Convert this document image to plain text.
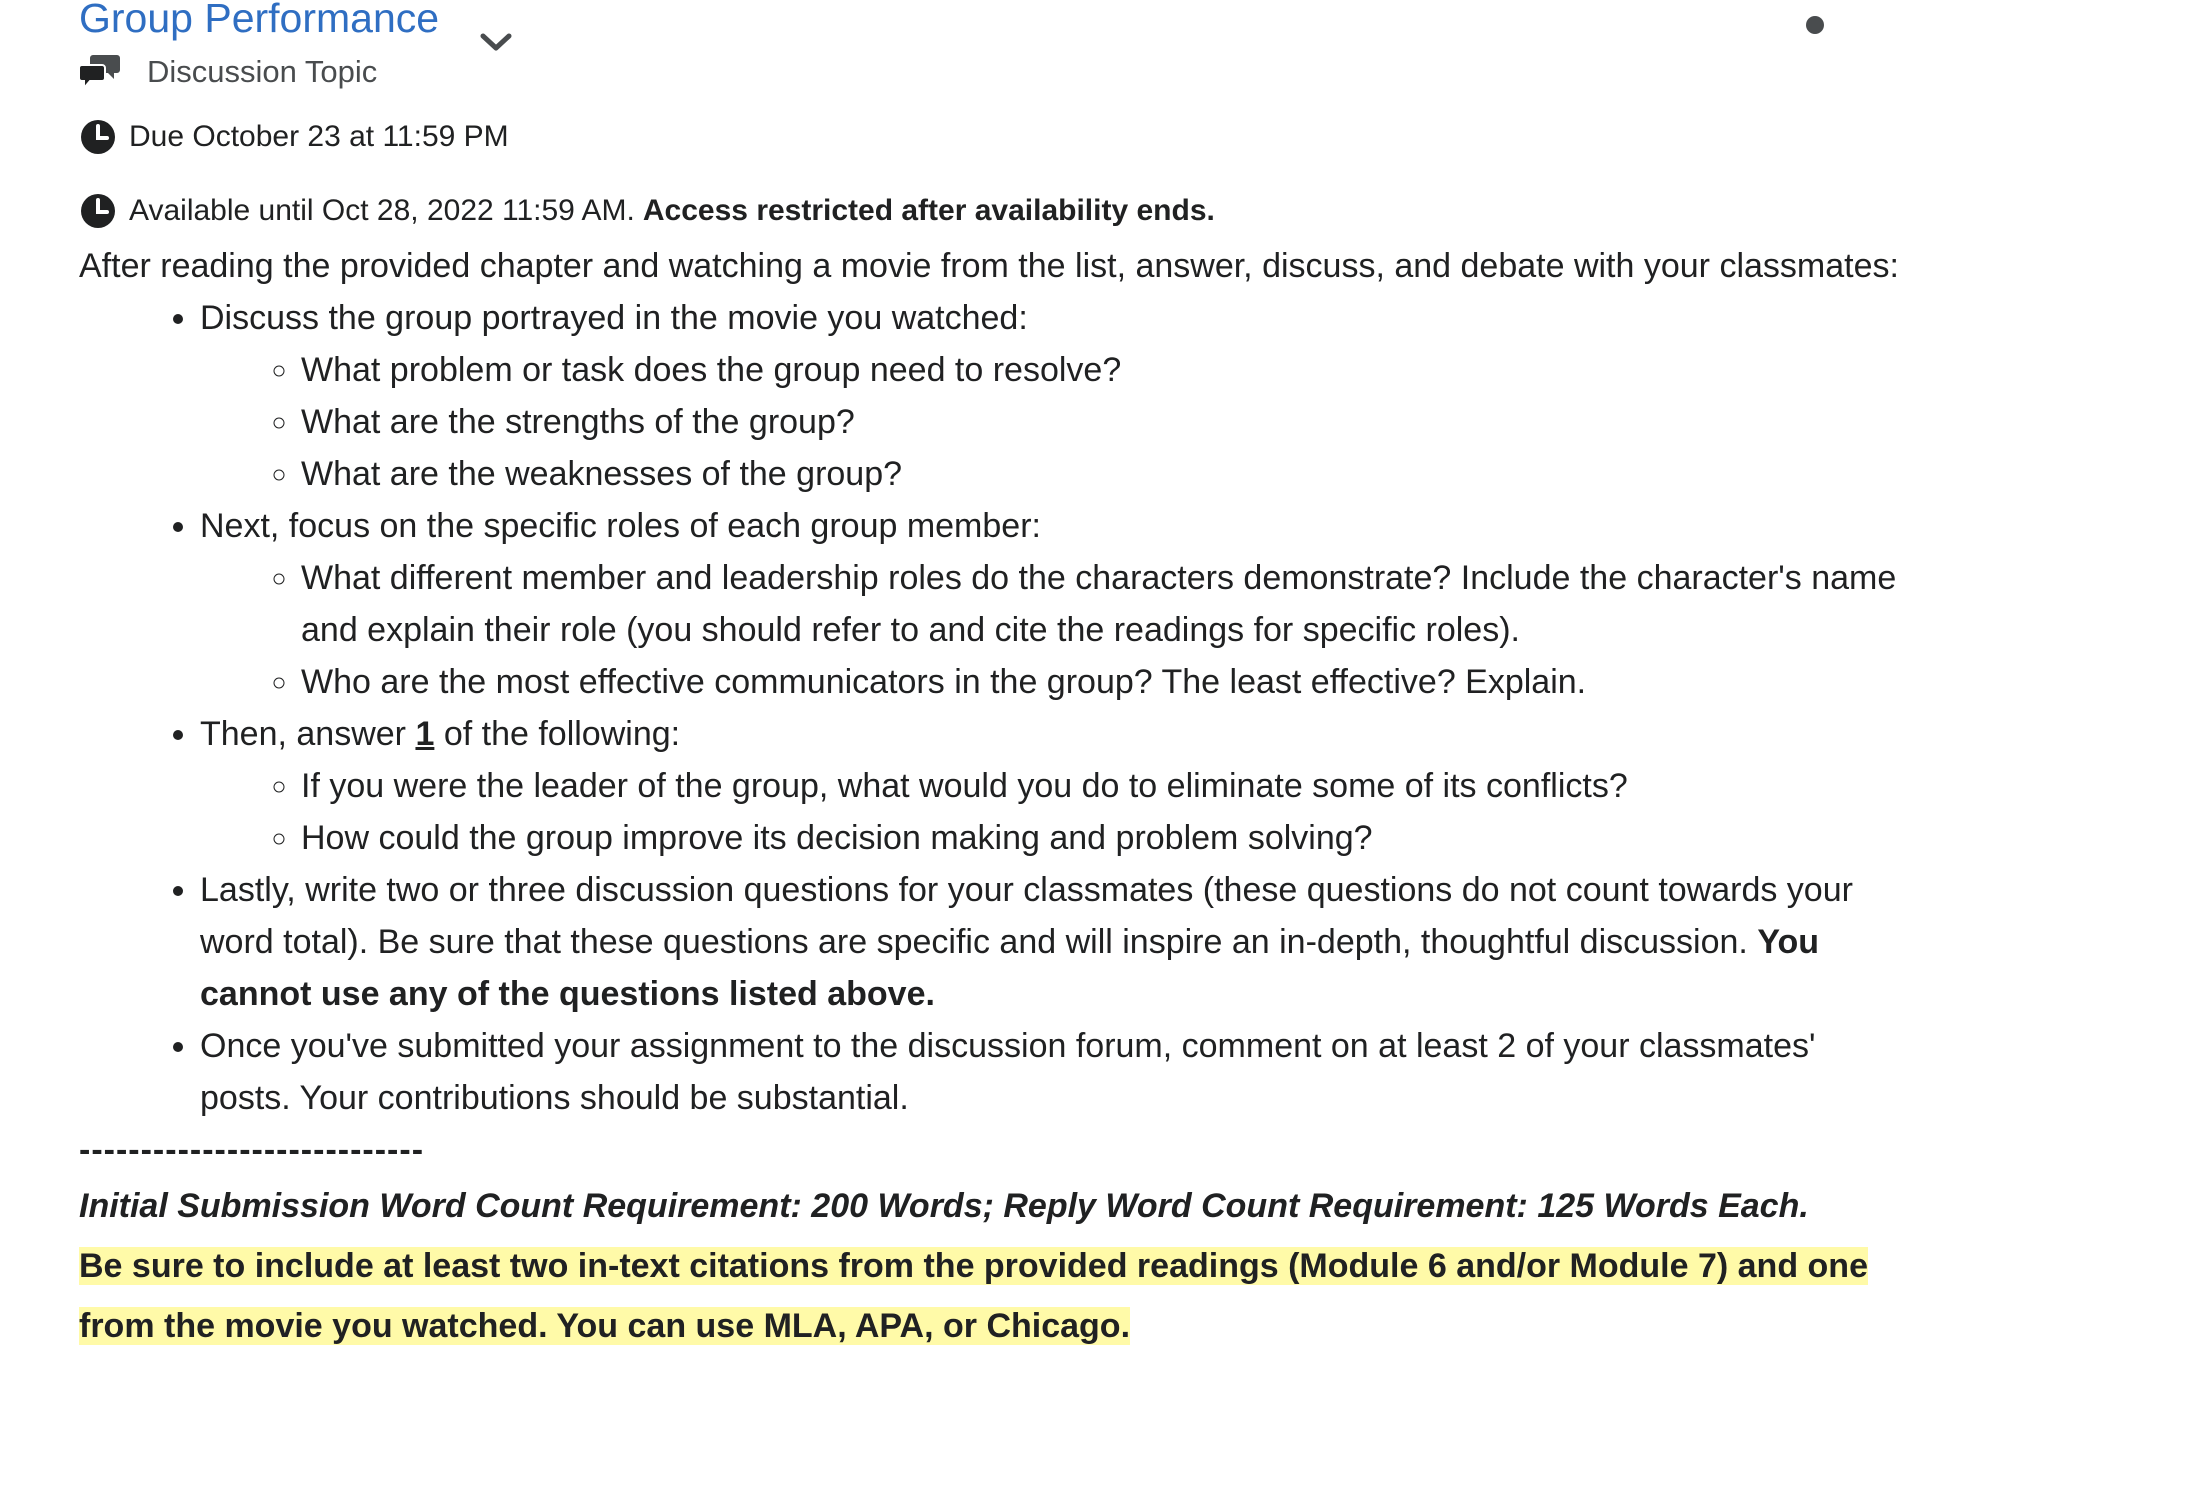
Group Performance
Discussion Topic
Due October 23 at 11:59 PM
Available until Oct 28, 2022 11:59 AM. Access restricted after availability ends.

After reading the provided chapter and watching a movie from the list, answer, discuss, and debate with your classmates:

• Discuss the group portrayed in the movie you watched:
◦ What problem or task does the group need to resolve?
◦ What are the strengths of the group?
◦ What are the weaknesses of the group?
• Next, focus on the specific roles of each group member:
◦ What different member and leadership roles do the characters demonstrate? Include the character's name and explain their role (you should refer to and cite the readings for specific roles).
◦ Who are the most effective communicators in the group? The least effective? Explain.
• Then, answer 1 of the following:
◦ If you were the leader of the group, what would you do to eliminate some of its conflicts?
◦ How could the group improve its decision making and problem solving?
• Lastly, write two or three discussion questions for your classmates (these questions do not count towards your word total). Be sure that these questions are specific and will inspire an in-depth, thoughtful discussion. You cannot use any of the questions listed above.
• Once you've submitted your assignment to the discussion forum, comment on at least 2 of your classmates' posts. Your contributions should be substantial.

----------------------------

Initial Submission Word Count Requirement: 200 Words; Reply Word Count Requirement: 125 Words Each.

Be sure to include at least two in-text citations from the provided readings (Module 6 and/or Module 7) and one

from the movie you watched. You can use MLA, APA, or Chicago.
